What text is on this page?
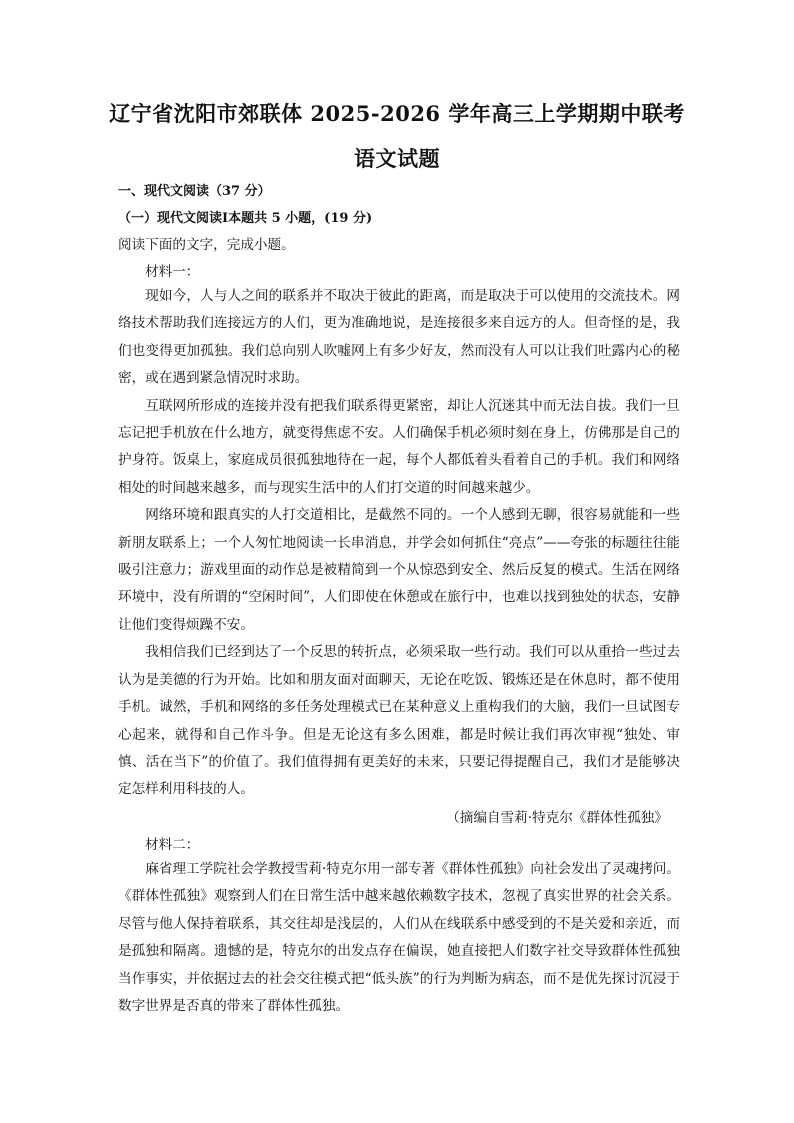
辽宁省沈阳市郊联体 2025-2026 学年高三上学期期中联考
语文试题
一、现代文阅读（37 分）
（一）现代文阅读Ⅰ本题共 5 小题，(19 分)
阅读下面的文字，完成小题。
材料一：

现如今，人与人之间的联系并不取决于彼此的距离，而是取决于可以使用的交流技术。网络技术帮助我们连接远方的人们，更为准确地说，是连接很多来自远方的人。但奇怪的是，我们也变得更加孤独。我们总向别人吹嘘网上有多少好友，然而没有人可以让我们吐露内心的秘密，或在遇到紧急情况时求助。

互联网所形成的连接并没有把我们联系得更紧密，却让人沉迷其中而无法自拔。我们一旦忘记把手机放在什么地方，就变得焦虑不安。人们确保手机必须时刻在身上，仿佛那是自己的护身符。饭桌上，家庭成员很孤独地待在一起，每个人都低着头看着自己的手机。我们和网络相处的时间越来越多，而与现实生活中的人们打交道的时间越来越少。

网络环境和跟真实的人打交道相比，是截然不同的。一个人感到无聊，很容易就能和一些新朋友联系上；一个人匆忙地阅读一长串消息，并学会如何抓住“亮点”——夸张的标题往往能吸引注意力；游戏里面的动作总是被精简到一个从惊恐到安全、然后反复的模式。生活在网络环境中，没有所谓的“空闲时间”，人们即使在休憩或在旅行中，也难以找到独处的状态，安静让他们变得烦躁不安。

我相信我们已经到达了一个反思的转折点，必须采取一些行动。我们可以从重拾一些过去认为是美德的行为开始。比如和朋友面对面聊天，无论在吃饭、锻炼还是在休息时，都不使用手机。诚然，手机和网络的多任务处理模式已在某种意义上重构我们的大脑，我们一旦试图专心起来，就得和自己作斗争。但是无论这有多么困难，都是时候让我们再次审视“独处、审慎、活在当下”的价值了。我们值得拥有更美好的未来，只要记得提醒自己，我们才是能够决定怎样利用科技的人。

（摘编自雪莉·特克尔《群体性孤独》
材料二：

麻省理工学院社会学教授雪莉·特克尔用一部专著《群体性孤独》向社会发出了灵魂拷问。《群体性孤独》观察到人们在日常生活中越来越依赖数字技术，忽视了真实世界的社会关系。尽管与他人保持着联系，其交往却是浅层的，人们从在线联系中感受到的不是关爱和亲近，而是孤独和隔离。遗憾的是，特克尔的出发点存在偏误，她直接把人们数字社交导致群体性孤独当作事实，并依据过去的社会交往模式把“低头族”的行为判断为病态，而不是优先探讨沉浸于数字世界是否真的带来了群体性孤独。
